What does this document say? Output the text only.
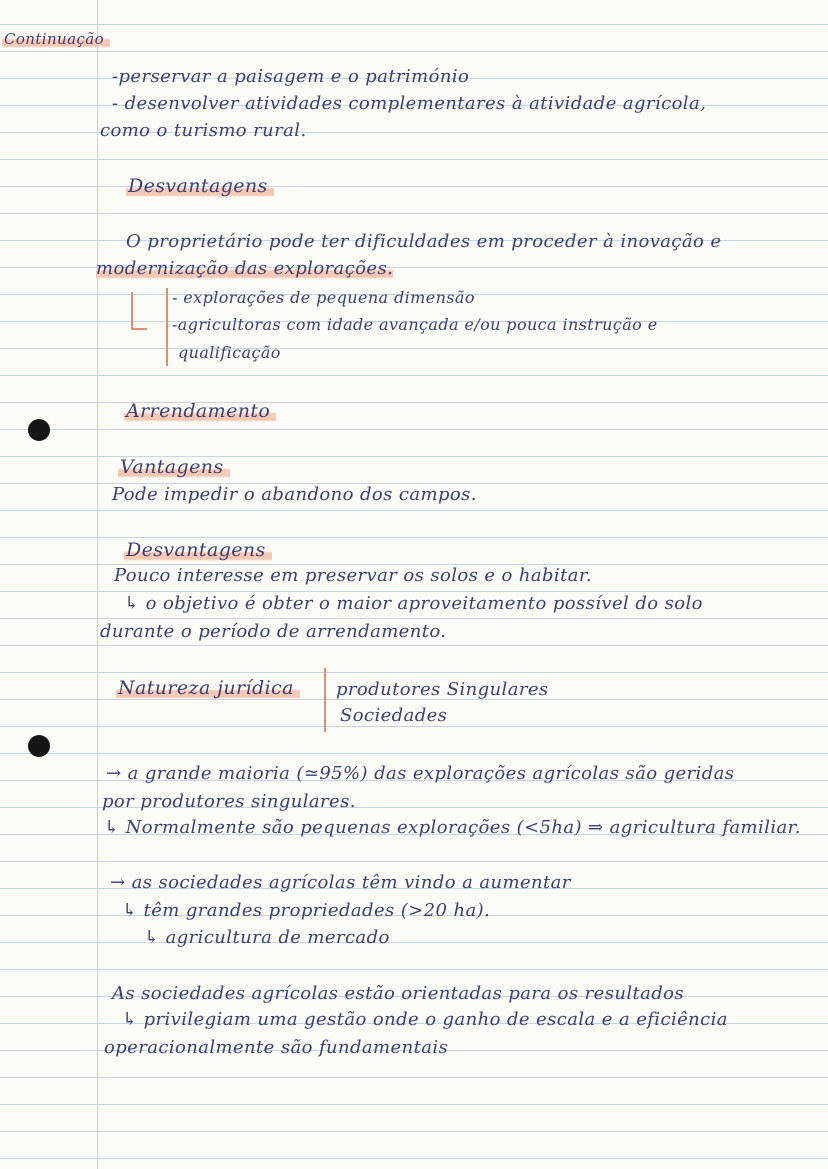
Continuação
-perservar a paisagem e o património
- desenvolver atividades complementares à atividade agrícola,
como o turismo rural.
Desvantagens
O proprietário pode ter dificuldades em proceder à inovação e
modernização das explorações.
- explorações de pequena dimensão
-agricultoras com idade avançada e/ou pouca instrução e
qualificação
Arrendamento
Vantagens
Pode impedir o abandono dos campos.
Desvantagens
Pouco interesse em preservar os solos e o habitar.
↳ o objetivo é obter o maior aproveitamento possível do solo
durante o período de arrendamento.
Natureza jurídica	produtores Singulares
Sociedades
→ a grande maioria (≃95%) das explorações agrícolas são geridas
por produtores singulares.
↳ Normalmente são pequenas explorações (<5ha) ⇒ agricultura familiar.
→ as sociedades agrícolas têm vindo a aumentar
↳ têm grandes propriedades (>20 ha).
↳ agricultura de mercado
As sociedades agrícolas estão orientadas para os resultados
↳ privilegiam uma gestão onde o ganho de escala e a eficiência
operacionalmente são fundamentais
